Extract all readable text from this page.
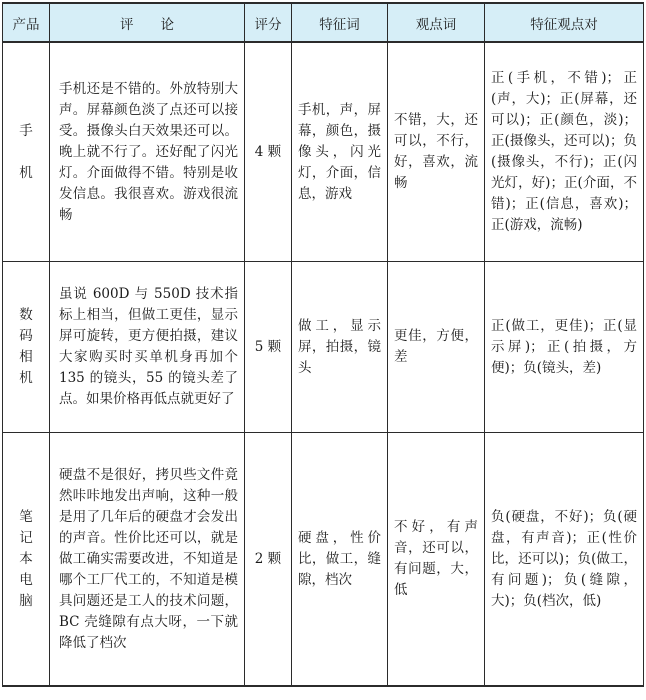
产品	评　　论	评分	特征词	观点词	特征观点对
手机	手机还是不错的。外放特别大声。屏幕颜色淡了点还可以接受。摄像头白天效果还可以。晚上就不行了。还好配了闪光灯。介面做得不错。特别是收发信息。我很喜欢。游戏很流畅	4 颗	手机，声，屏幕，颜色，摄像头，闪光灯，介面，信息，游戏	不错，大，还可以，不行，好，喜欢，流畅	正(手机，不错)；正(声，大)；正(屏幕，还可以)；正(颜色，淡)；正(摄像头，还可以)；负(摄像头，不行)；正(闪光灯，好)；正(介面，不错)；正(信息，喜欢)；正(游戏，流畅)
数码相机	虽说 600D 与 550D 技术指标上相当，但做工更佳，显示屏可旋转，更方便拍摄，建议大家购买时买单机身再加个 135 的镜头，55 的镜头差了点。如果价格再低点就更好了	5 颗	做工，显示屏，拍摄，镜头	更佳，方便，差	正(做工，更佳)；正(显示屏)；正(拍摄，方便)；负(镜头，差)
笔记本电脑	硬盘不是很好，拷贝些文件竟然咔咔地发出声响，这种一般是用了几年后的硬盘才会发出的声音。性价比还可以，就是做工确实需要改进，不知道是哪个工厂代工的，不知道是模具问题还是工人的技术问题，BC 壳缝隙有点大呀，一下就降低了档次	2 颗	硬盘，性价比，做工，缝隙，档次	不好，有声音，还可以，有问题，大，低	负(硬盘，不好)；负(硬盘，有声音)；正(性价比，还可以)；负(做工，有问题)；负(缝隙，大)；负(档次，低)
